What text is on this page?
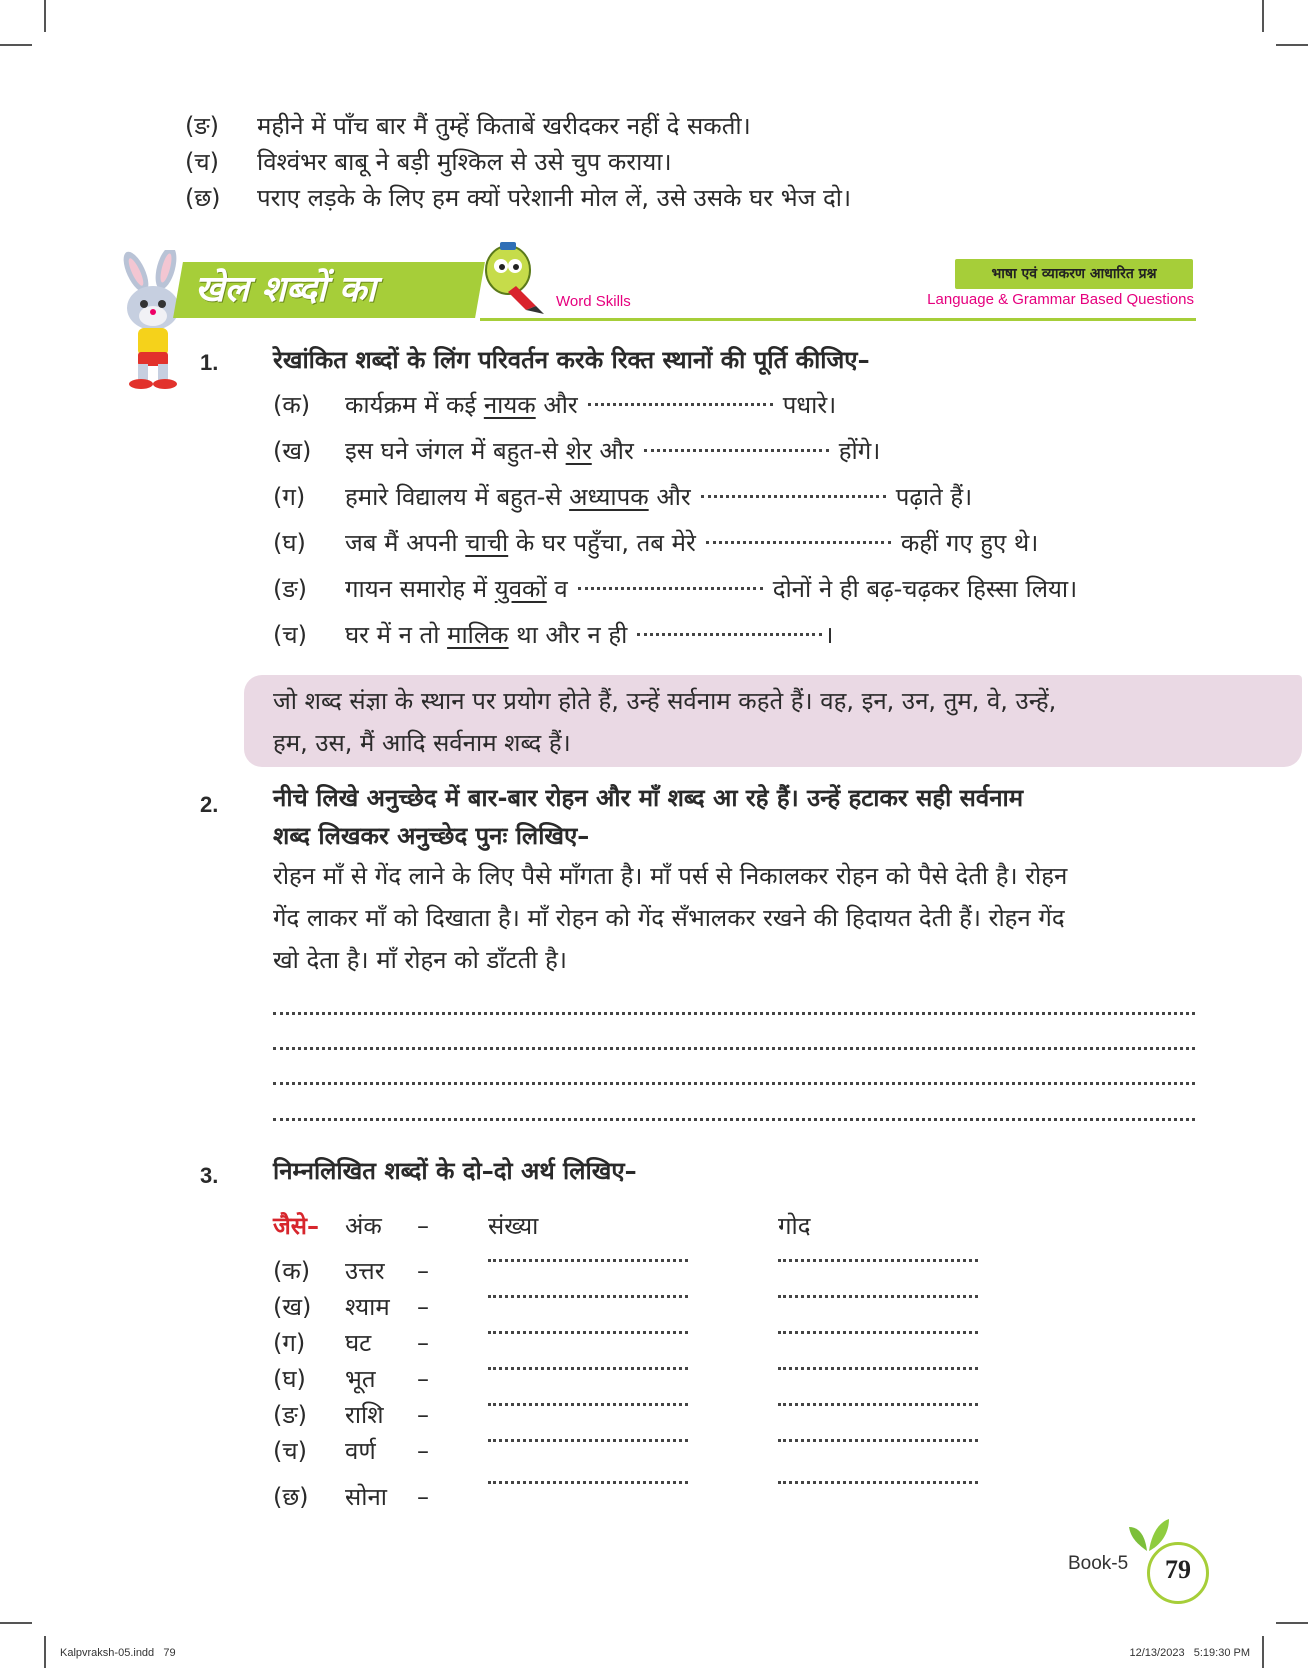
(ङ) महीने में पाँच बार मैं तुम्हें किताबें खरीदकर नहीं दे सकती।
(च) विश्वंभर बाबू ने बड़ी मुश्किल से उसे चुप कराया।
(छ) पराए लड़के के लिए हम क्यों परेशानी मोल लें, उसे उसके घर भेज दो।
खेल शब्दों का	Word Skills
भाषा एवं व्याकरण आधारित प्रश्न
Language & Grammar Based Questions
1. रेखांकित शब्दों के लिंग परिवर्तन करके रिक्त स्थानों की पूर्ति कीजिए–
(क) कार्यक्रम में कई नायक और	पधारे।
(ख) इस घने जंगल में बहुत-से शेर और	होंगे।
(ग) हमारे विद्यालय में बहुत-से अध्यापक और	पढ़ाते हैं।
(घ) जब मैं अपनी चाची के घर पहुँचा, तब मेरे	कहीं गए हुए थे।
(ङ) गायन समारोह में युवकों व	दोनों ने ही बढ़-चढ़कर हिस्सा लिया।
(च) घर में न तो मालिक था और न ही	।
जो शब्द संज्ञा के स्थान पर प्रयोग होते हैं, उन्हें सर्वनाम कहते हैं। वह, इन, उन, तुम, वे, उन्हें,
हम, उस, मैं आदि सर्वनाम शब्द हैं।
2. नीचे लिखे अनुच्छेद में बार-बार रोहन और माँ शब्द आ रहे हैं। उन्हें हटाकर सही सर्वनाम
शब्द लिखकर अनुच्छेद पुनः लिखिए–
रोहन माँ से गेंद लाने के लिए पैसे माँगता है। माँ पर्स से निकालकर रोहन को पैसे देती है। रोहन
गेंद लाकर माँ को दिखाता है। माँ रोहन को गेंद सँभालकर रखने की हिदायत देती हैं। रोहन गेंद
खो देता है। माँ रोहन को डाँटती है।
3. निम्नलिखित शब्दों के दो–दो अर्थ लिखिए–
जैसे– अंक – संख्या	गोद
(क) उत्तर –
(ख) श्याम –
(ग) घट –
(घ) भूत –
(ङ) राशि –
(च) वर्ण –
(छ) सोना –
Book-5	79
Kalpvraksh-05.indd   79	12/13/2023   5:19:30 PM
